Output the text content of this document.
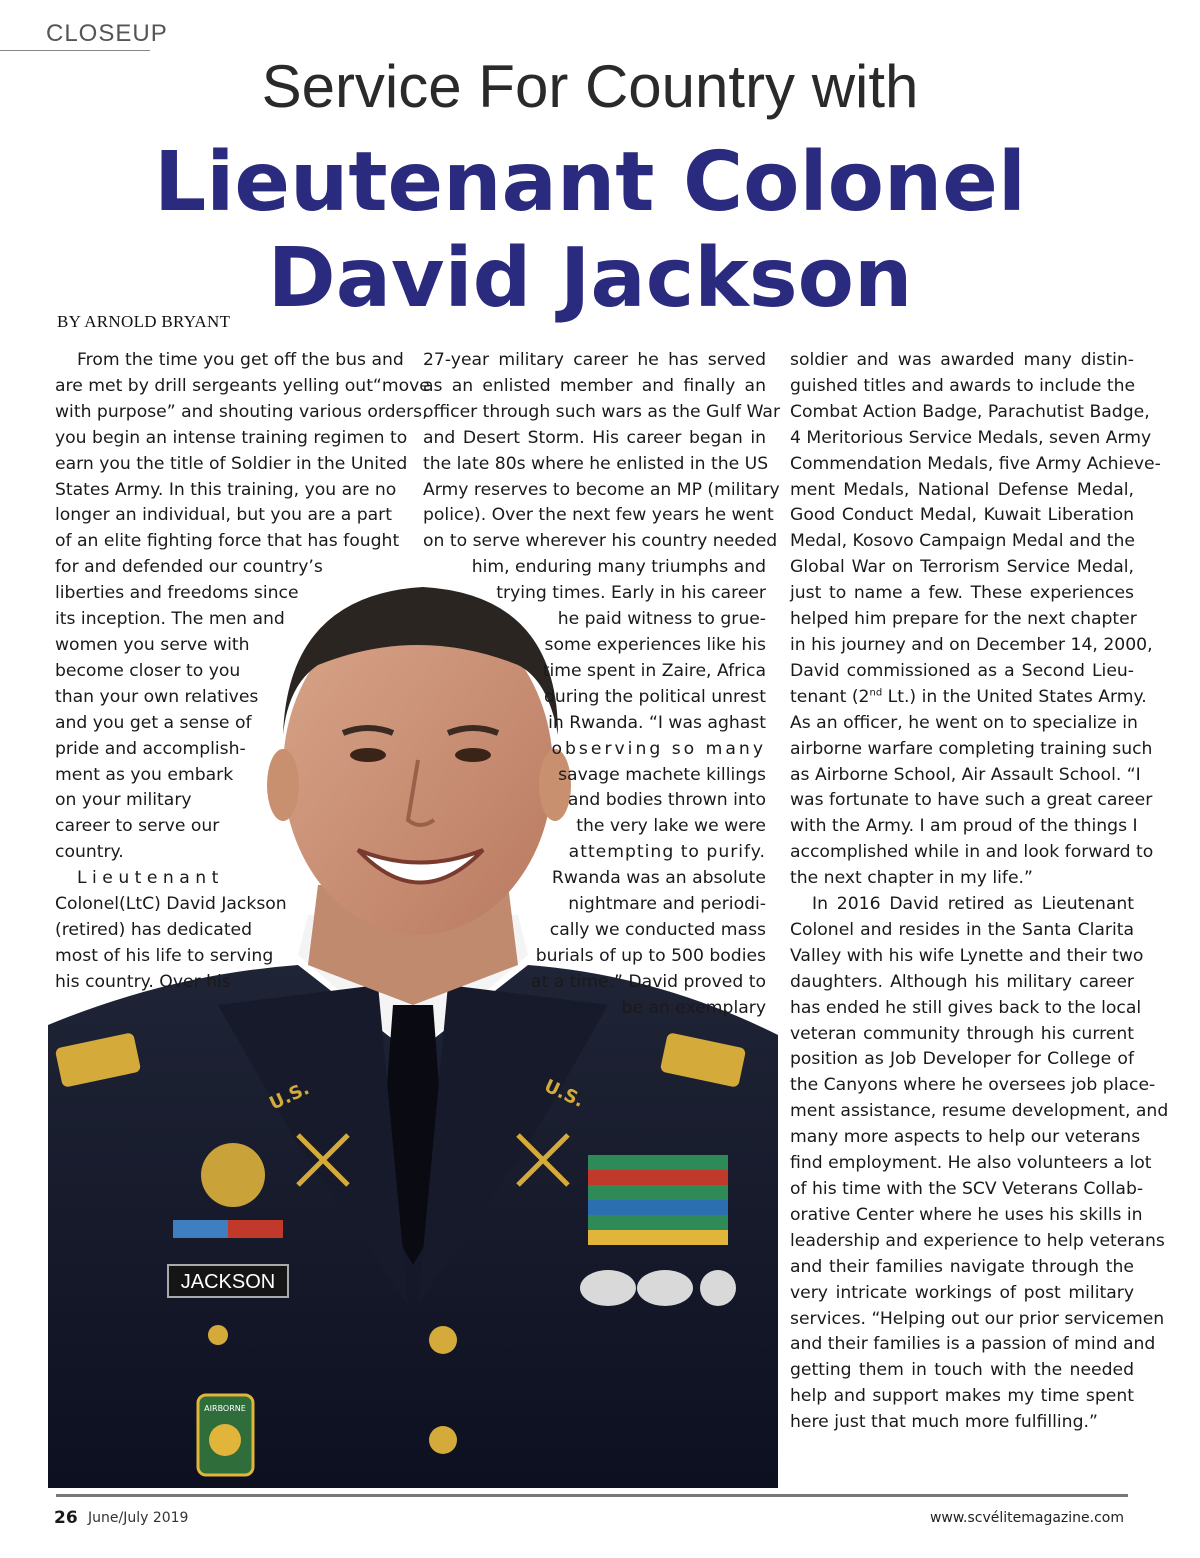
CLOSEUP
Service For Country with
Lieutenant Colonel
David Jackson
BY ARNOLD BRYANT
U.S.	U.S.
JACKSON
AIRBORNE
From the time you get off the bus and
are met by drill sergeants yelling out“move
with purpose” and shouting various orders,
you begin an intense training regimen to
earn you the title of Soldier in the United
States Army. In this training, you are no
longer an individual, but you are a part
of an elite fighting force that has fought
for and defended our country’s
liberties and freedoms since
its inception. The men and
women you serve with
become closer to you
than your own relatives
and you get a sense of
pride and accomplish-
ment as you embark
on your military
career to serve our
country.
L i e u t e n a n t
Colonel(LtC) David Jackson
(retired) has dedicated
most of his life to serving
his country. Over his
27-year military career he has served
as an enlisted member and finally an
officer through such wars as the Gulf War
and Desert Storm. His career began in
the late 80s where he enlisted in the US
Army reserves to become an MP (military
police). Over the next few years he went
on to serve wherever his country needed
him, enduring many triumphs and
trying times. Early in his career
he paid witness to grue-
some experiences like his
time spent in Zaire, Africa
during the political unrest
in Rwanda. “I was aghast
observing so many
savage machete killings
and bodies thrown into
the very lake we were
attempting to purify.
Rwanda was an absolute
nightmare and periodi-
cally we conducted mass
burials of up to 500 bodies
at a time.” David proved to
be an exemplary
soldier and was awarded many distin-
guished titles and awards to include the
Combat Action Badge, Parachutist Badge,
4 Meritorious Service Medals, seven Army
Commendation Medals, five Army Achieve-
ment Medals, National Defense Medal,
Good Conduct Medal, Kuwait Liberation
Medal, Kosovo Campaign Medal and the
Global War on Terrorism Service Medal,
just to name a few. These experiences
helped him prepare for the next chapter
in his journey and on December 14, 2000,
David commissioned as a Second Lieu-
tenant (2nd Lt.) in the United States Army.
As an officer, he went on to specialize in
airborne warfare completing training such
as Airborne School, Air Assault School. “I
was fortunate to have such a great career
with the Army. I am proud of the things I
accomplished while in and look forward to
the next chapter in my life.”
In 2016 David retired as Lieutenant
Colonel and resides in the Santa Clarita
Valley with his wife Lynette and their two
daughters. Although his military career
has ended he still gives back to the local
veteran community through his current
position as Job Developer for College of
the Canyons where he oversees job place-
ment assistance, resume development, and
many more aspects to help our veterans
find employment. He also volunteers a lot
of his time with the SCV Veterans Collab-
orative Center where he uses his skills in
leadership and experience to help veterans
and their families navigate through the
very intricate workings of post military
services. “Helping out our prior servicemen
and their families is a passion of mind and
getting them in touch with the needed
help and support makes my time spent
here just that much more fulfilling.”
26 June/July 2019	www.scvélitemagazine.com
